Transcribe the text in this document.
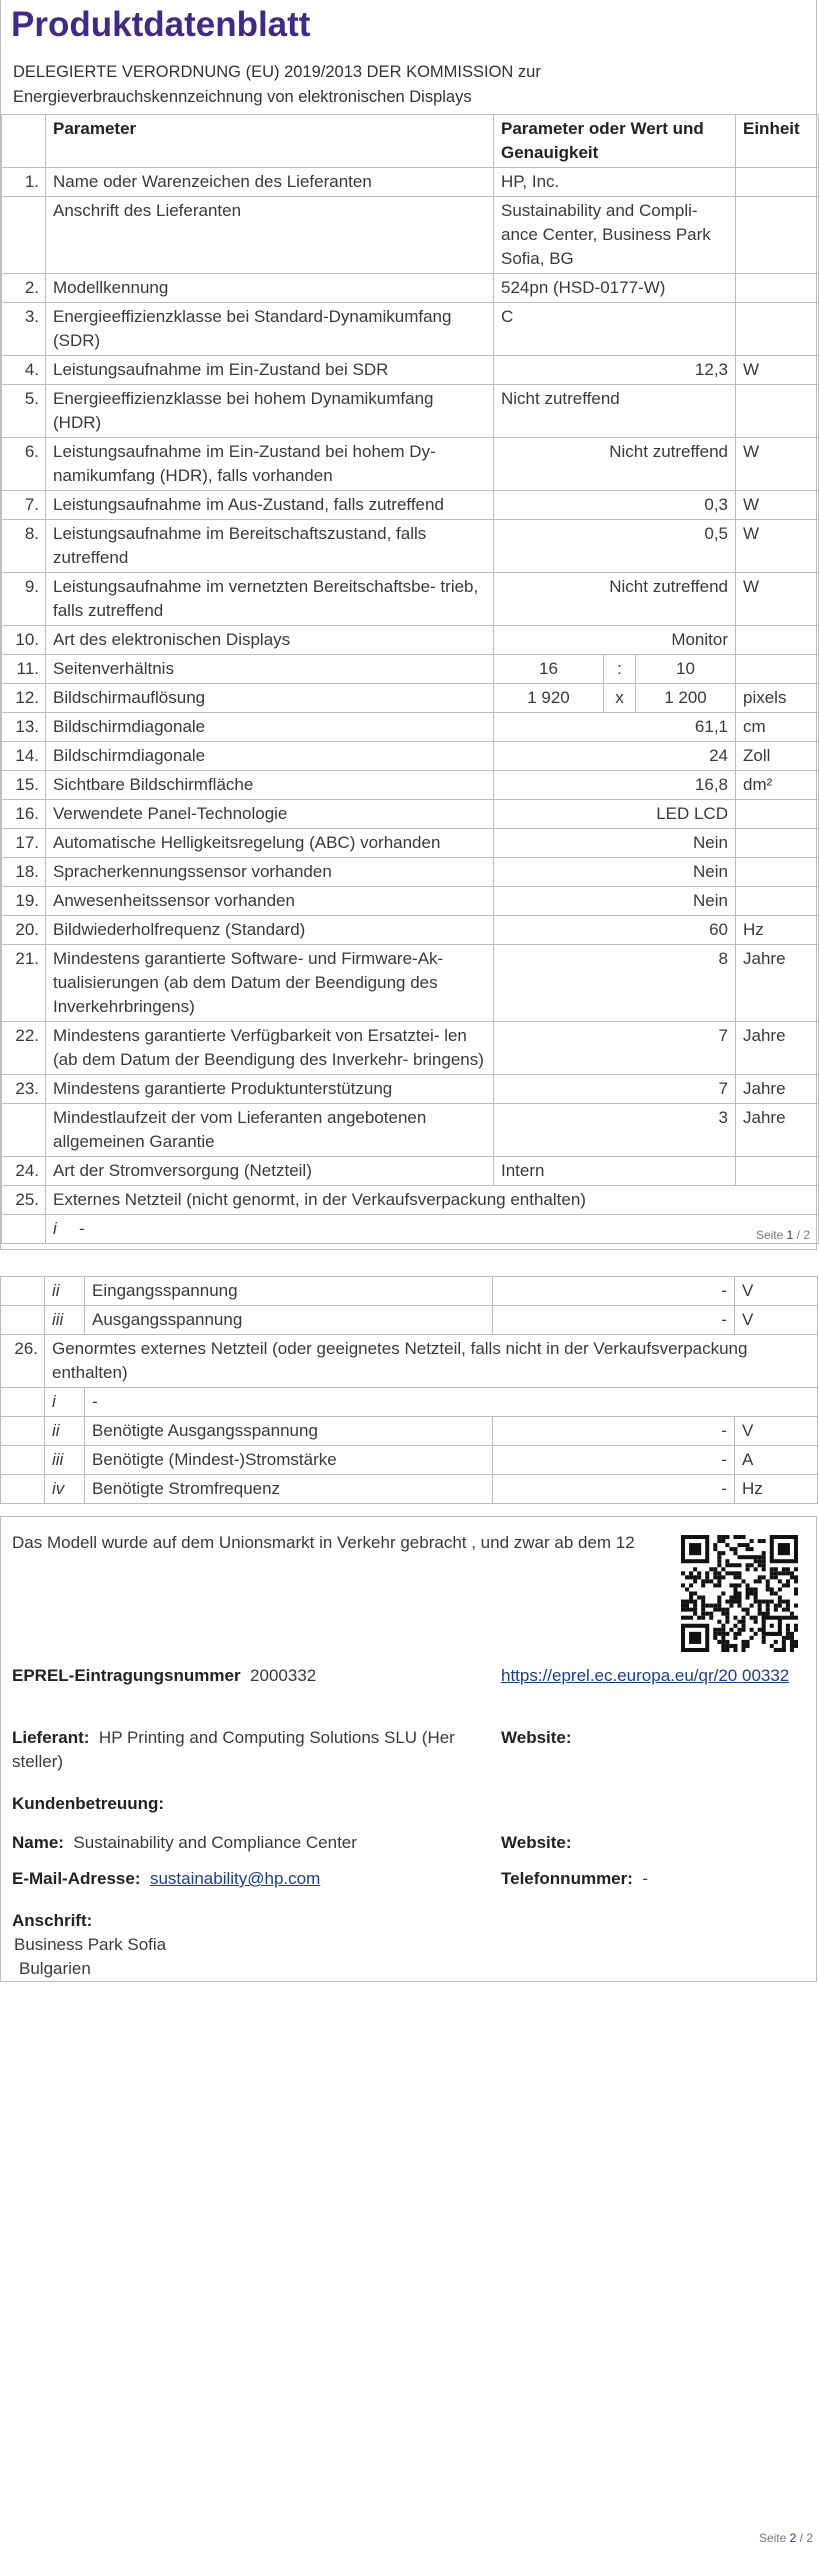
Produktdatenblatt
DELEGIERTE VERORDNUNG (EU) 2019/2013 DER KOMMISSION zur Energieverbrauchskennzeichnung von elektronischen Displays
	Parameter	Parameter oder Wert und Genauigkeit			Einheit
1.	Name oder Warenzeichen des Lieferanten	HP, Inc.			
	Anschrift des Lieferanten	Sustainability and Compli- ance Center, Business Park Sofia, BG			
2.	Modellkennung	524pn (HSD-0177-W)			
3.	Energieeffizienzklasse bei Standard-Dynamikumfang (SDR)	C			
4.	Leistungsaufnahme im Ein-Zustand bei SDR	12,3			W
5.	Energieeffizienzklasse bei hohem Dynamikumfang (HDR)	Nicht zutreffend			
6.	Leistungsaufnahme im Ein-Zustand bei hohem Dy- namikumfang (HDR), falls vorhanden	Nicht zutreffend			W
7.	Leistungsaufnahme im Aus-Zustand, falls zutreffend	0,3			W
8.	Leistungsaufnahme im Bereitschaftszustand, falls zutreffend	0,5			W
9.	Leistungsaufnahme im vernetzten Bereitschaftsbe- trieb, falls zutreffend	Nicht zutreffend			W
10.	Art des elektronischen Displays	Monitor			
11.	Seitenverhältnis	16	:	10	
12.	Bildschirmauflösung	1 920	x	1 200	pixels
13.	Bildschirmdiagonale	61,1			cm
14.	Bildschirmdiagonale	24			Zoll
15.	Sichtbare Bildschirmfläche	16,8			dm²
16.	Verwendete Panel-Technologie	LED LCD			
17.	Automatische Helligkeitsregelung (ABC) vorhanden	Nein			
18.	Spracherkennungssensor vorhanden	Nein			
19.	Anwesenheitssensor vorhanden	Nein			
20.	Bildwiederholfrequenz (Standard)	60			Hz
21.	Mindestens garantierte Software- und Firmware-Ak- tualisierungen (ab dem Datum der Beendigung des Inverkehrbringens)	8			Jahre
22.	Mindestens garantierte Verfügbarkeit von Ersatztei- len (ab dem Datum der Beendigung des Inverkehr- bringens)	7			Jahre
23.	Mindestens garantierte Produktunterstützung	7			Jahre
	Mindestlaufzeit der vom Lieferanten angebotenen allgemeinen Garantie	3			Jahre
24.	Art der Stromversorgung (Netzteil)	Intern			
25.	Externes Netzteil (nicht genormt, in der Verkaufsverpackung enthalten)				
	i -					Seite 1 / 2
	ii	Eingangsspannung	-	V
	iii	Ausgangsspannung	-	V
26.	Genormtes externes Netzteil (oder geeignetes Netzteil, falls nicht in der Verkaufsverpackung enthalten)			
	i	-		
	ii	Benötigte Ausgangsspannung	-	V
	iii	Benötigte (Mindest-)Stromstärke	-	A
	iv	Benötigte Stromfrequenz	-	Hz
Das Modell wurde auf dem Unionsmarkt in Verkehr gebracht , und zwar ab dem 12
EPREL-Eintragungsnummer 2000332	https://eprel.ec.europa.eu/qr/20 00332
Lieferant: HP Printing and Computing Solutions SLU (Her steller)
Website:
Kundenbetreuung:
Name: Sustainability and Compliance Center	Website:
E-Mail-Adresse: sustainability@hp.com	Telefonnummer: -
Anschrift:
Business Park Sofia
Bulgarien
Seite 2 / 2
